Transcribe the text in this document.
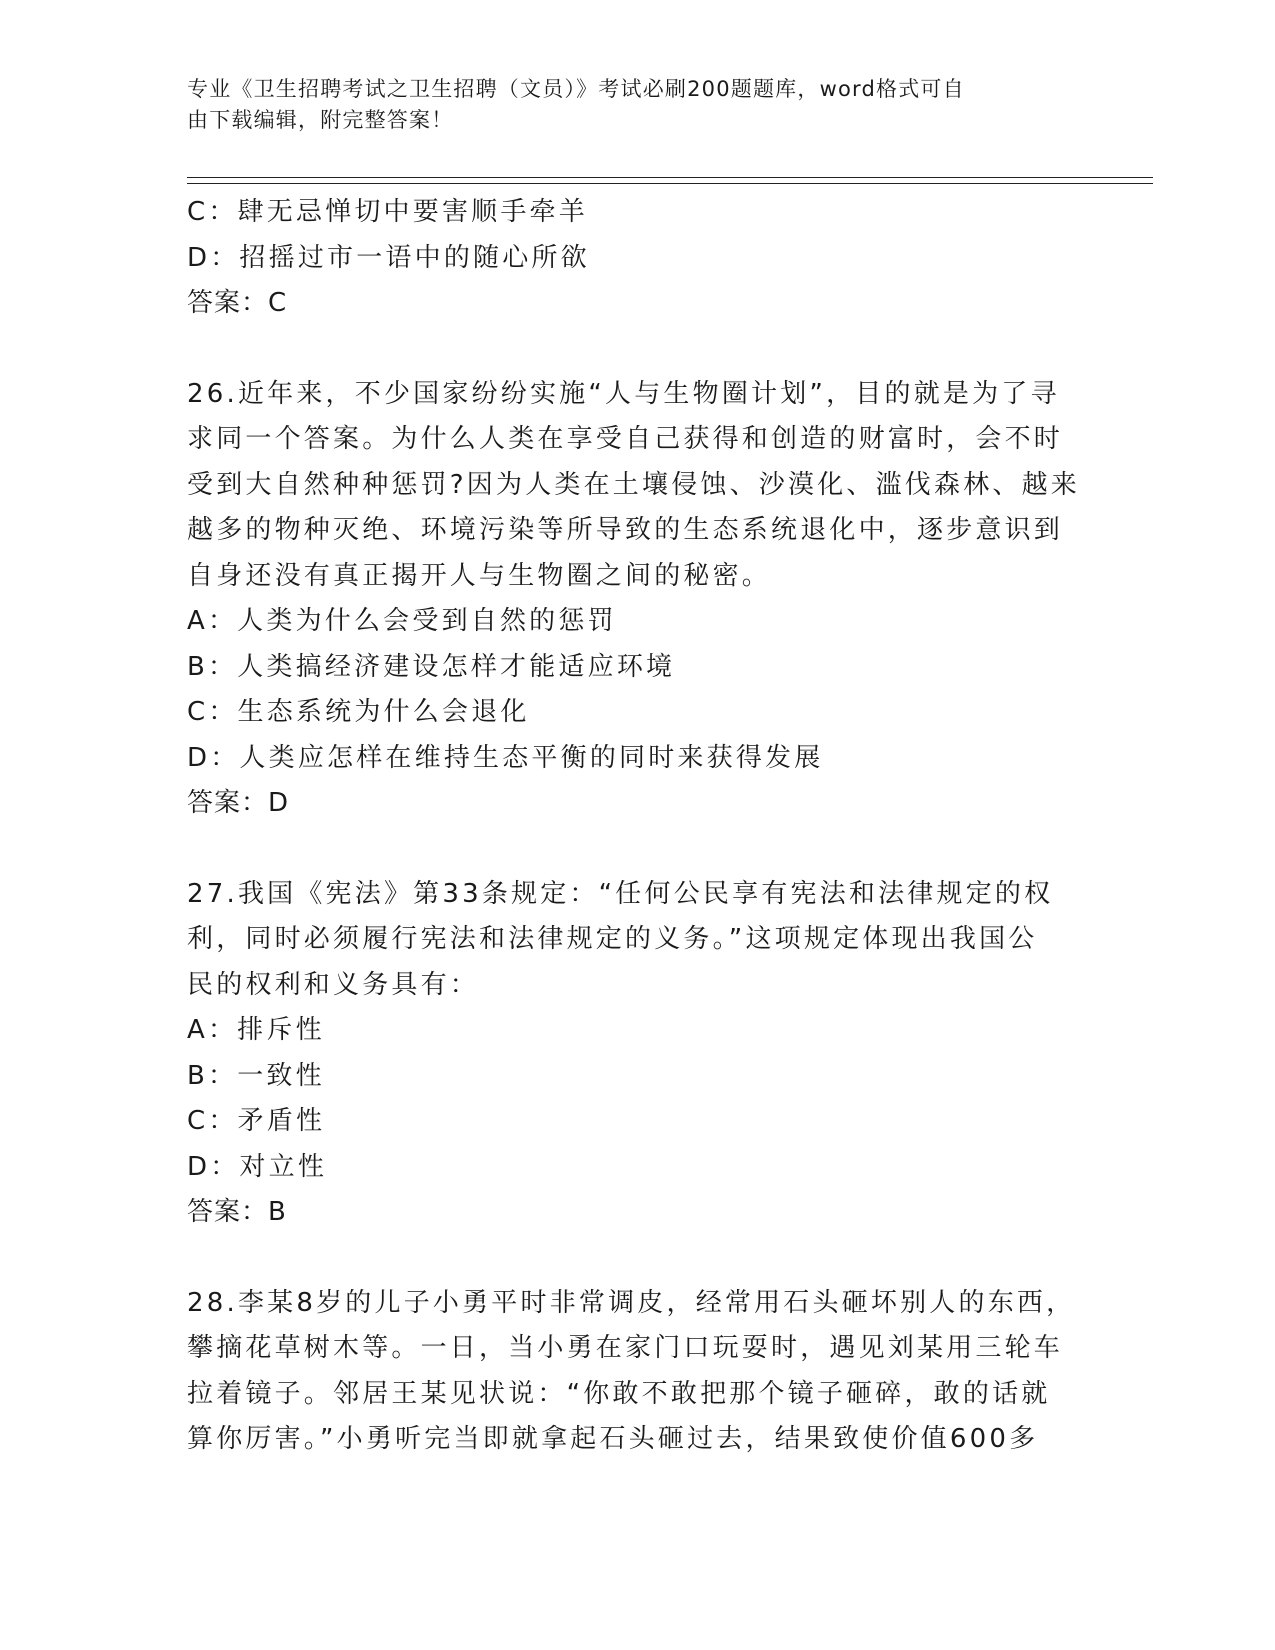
专业《卫生招聘考试之卫生招聘（文员）》考试必刷200题题库，word格式可自
由下载编辑，附完整答案！
C：肆无忌惮切中要害顺手牵羊
D：招摇过市一语中的随心所欲
答案：C
26.近年来，不少国家纷纷实施“人与生物圈计划”，目的就是为了寻
求同一个答案。为什么人类在享受自己获得和创造的财富时，会不时
受到大自然种种惩罚?因为人类在土壤侵蚀、沙漠化、滥伐森林、越来
越多的物种灭绝、环境污染等所导致的生态系统退化中，逐步意识到
自身还没有真正揭开人与生物圈之间的秘密。
A：人类为什么会受到自然的惩罚
B：人类搞经济建设怎样才能适应环境
C：生态系统为什么会退化
D：人类应怎样在维持生态平衡的同时来获得发展
答案：D
27.我国《宪法》第33条规定：“任何公民享有宪法和法律规定的权
利，同时必须履行宪法和法律规定的义务。”这项规定体现出我国公
民的权利和义务具有：
A：排斥性
B：一致性
C：矛盾性
D：对立性
答案：B
28.李某8岁的儿子小勇平时非常调皮，经常用石头砸坏别人的东西，
攀摘花草树木等。一日，当小勇在家门口玩耍时，遇见刘某用三轮车
拉着镜子。邻居王某见状说：“你敢不敢把那个镜子砸碎，敢的话就
算你厉害。”小勇听完当即就拿起石头砸过去，结果致使价值600多
